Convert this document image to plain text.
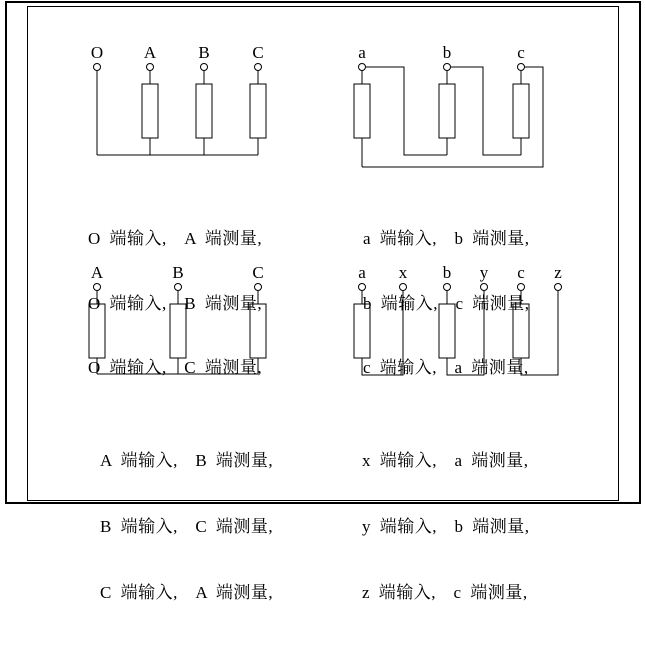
O A B	C	a	b	c
A	B	C	a x b y c z

O 端输入,  A 端测量,

O 端输入,  B 端测量,

O 端输入,  C 端测量,

a 端输入,  b 端测量,

b 端输入,  c 端测量,

c 端输入,  a 端测量,

A 端输入,  B 端测量,

B 端输入,  C 端测量,

C 端输入,  A 端测量,

x 端输入,  a 端测量,

y 端输入,  b 端测量,

z 端输入,  c 端测量,
